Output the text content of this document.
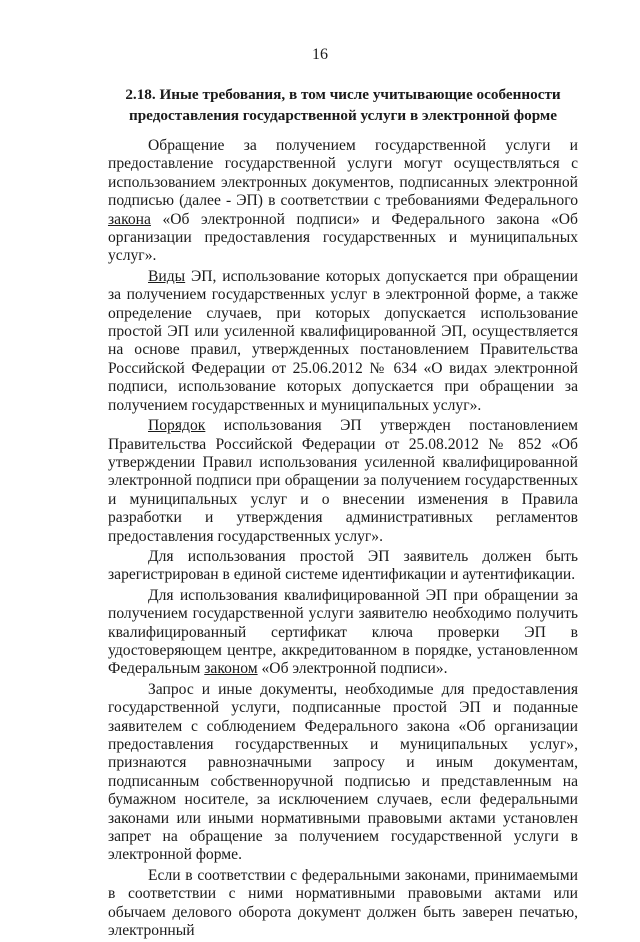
16
2.18. Иные требования, в том числе учитывающие особенности предоставления государственной услуги в электронной форме

Обращение за получением государственной услуги и предоставление государственной услуги могут осуществляться с использованием электронных документов, подписанных электронной подписью (далее - ЭП) в соответствии с требованиями Федерального закона «Об электронной подписи» и Федерального закона «Об организации предоставления государственных и муниципальных услуг».

Виды ЭП, использование которых допускается при обращении за получением государственных услуг в электронной форме, а также определение случаев, при которых допускается использование простой ЭП или усиленной квалифицированной ЭП, осуществляется на основе правил, утвержденных постановлением Правительства Российской Федерации от 25.06.2012 № 634 «О видах электронной подписи, использование которых допускается при обращении за получением государственных и муниципальных услуг».

Порядок использования ЭП утвержден постановлением Правительства Российской Федерации от 25.08.2012 № 852 «Об утверждении Правил использования усиленной квалифицированной электронной подписи при обращении за получением государственных и муниципальных услуг и о внесении изменения в Правила разработки и утверждения административных регламентов предоставления государственных услуг».

Для использования простой ЭП заявитель должен быть зарегистрирован в единой системе идентификации и аутентификации.

Для использования квалифицированной ЭП при обращении за получением государственной услуги заявителю необходимо получить квалифицированный сертификат ключа проверки ЭП в удостоверяющем центре, аккредитованном в порядке, установленном Федеральным законом «Об электронной подписи».

Запрос и иные документы, необходимые для предоставления государственной услуги, подписанные простой ЭП и поданные заявителем с соблюдением Федерального закона «Об организации предоставления государственных и муниципальных услуг», признаются равнозначными запросу и иным документам, подписанным собственноручной подписью и представленным на бумажном носителе, за исключением случаев, если федеральными законами или иными нормативными правовыми актами установлен запрет на обращение за получением государственной услуги в электронной форме.

Если в соответствии с федеральными законами, принимаемыми в соответствии с ними нормативными правовыми актами или обычаем делового оборота документ должен быть заверен печатью, электронный
